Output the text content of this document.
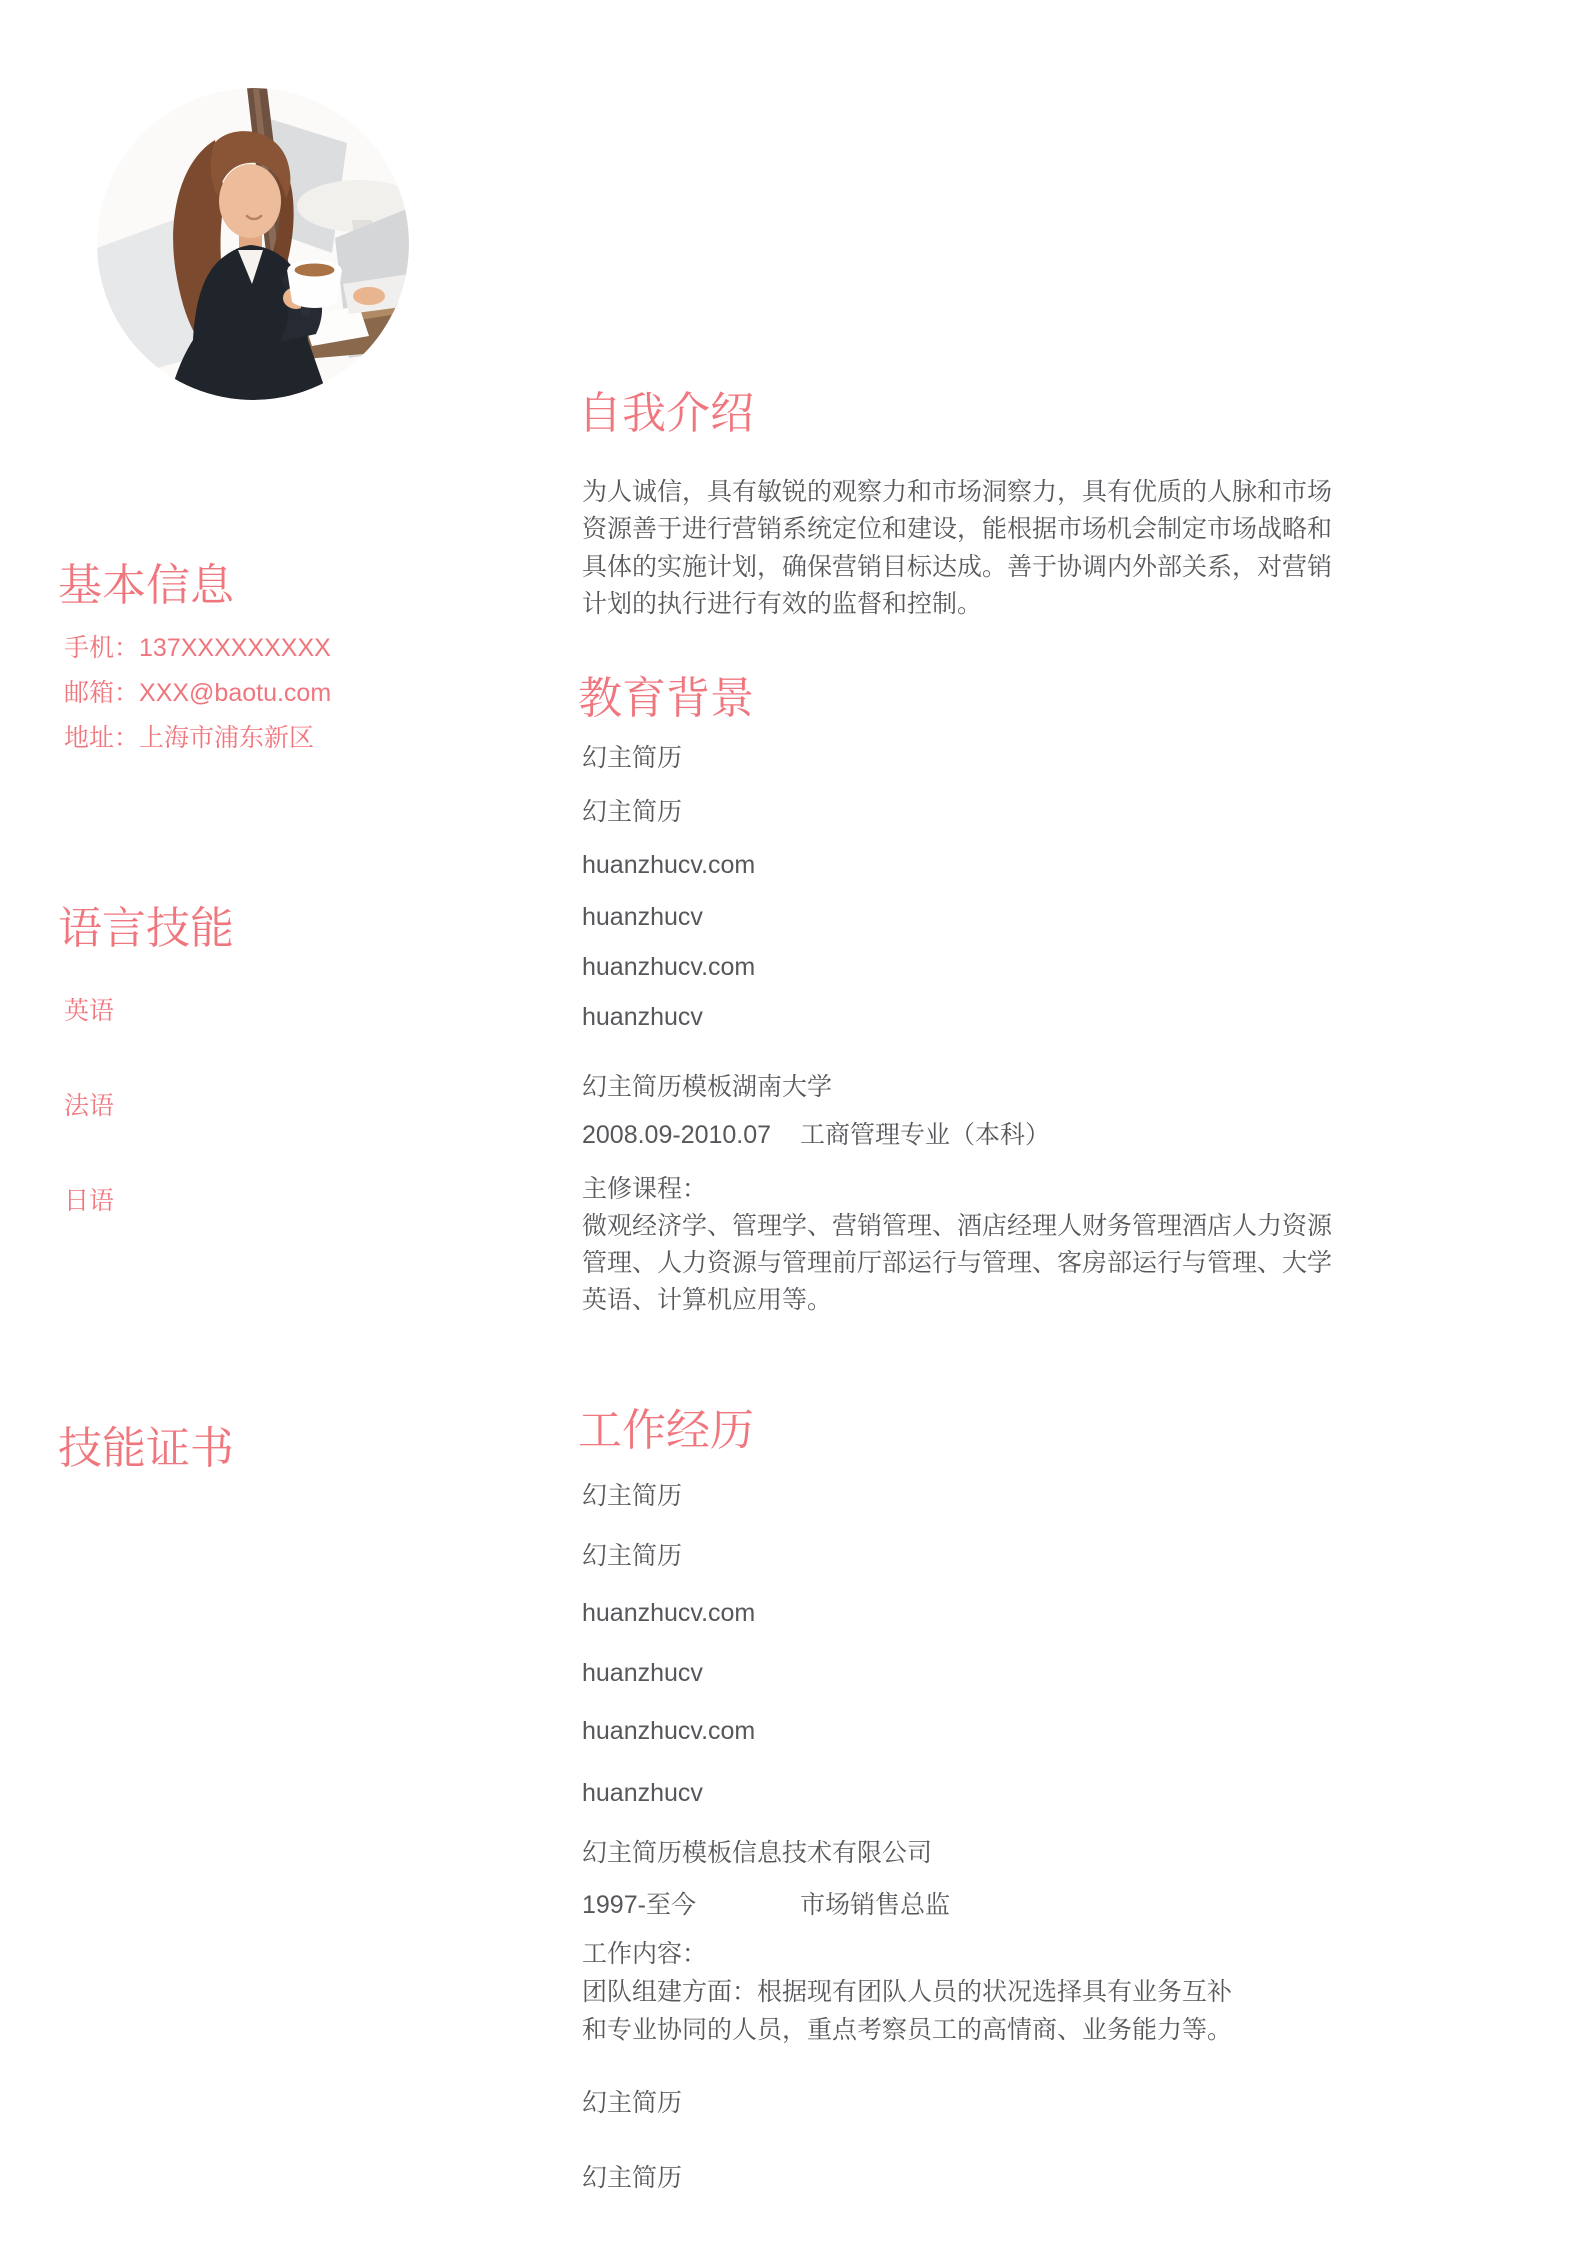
基本信息
手机：137XXXXXXXXX
邮箱：XXX@baotu.com
地址：上海市浦东新区
语言技能
英语
法语
日语
技能证书
自我介绍
为人诚信，具有敏锐的观察力和市场洞察力，具有优质的人脉和市场
资源善于进行营销系统定位和建设，能根据市场机会制定市场战略和
具体的实施计划，确保营销目标达成。善于协调内外部关系，对营销
计划的执行进行有效的监督和控制。
教育背景
幻主简历
幻主简历
huanzhucv.com
huanzhucv
huanzhucv.com
huanzhucv
幻主简历模板湖南大学
2008.09-2010.07 工商管理专业（本科）
主修课程：
微观经济学、管理学、营销管理、酒店经理人财务管理酒店人力资源
管理、人力资源与管理前厅部运行与管理、客房部运行与管理、大学
英语、计算机应用等。
工作经历
幻主简历
幻主简历
huanzhucv.com
huanzhucv
huanzhucv.com
huanzhucv
幻主简历模板信息技术有限公司
1997-至今	市场销售总监
工作内容：
团队组建方面：根据现有团队人员的状况选择具有业务互补
和专业协同的人员，重点考察员工的高情商、业务能力等。
幻主简历
幻主简历
